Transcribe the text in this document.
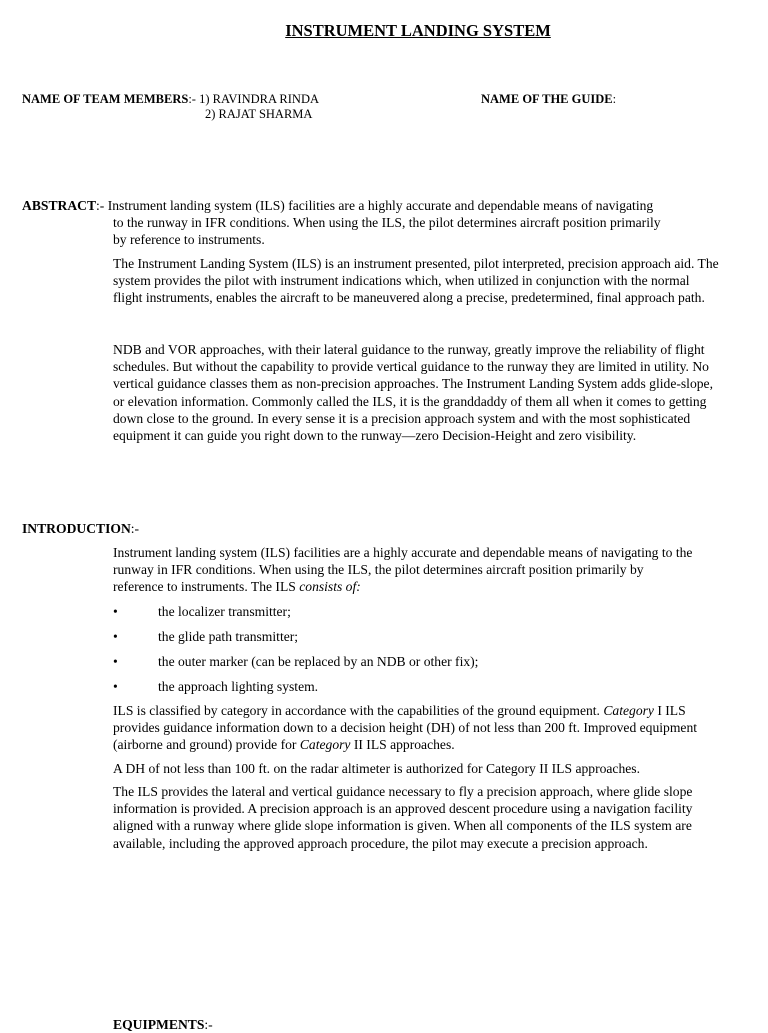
INSTRUMENT LANDING SYSTEM
NAME OF TEAM MEMBERS:- 1) RAVINDRA RINDA
2) RAJAT SHARMA
NAME OF THE GUIDE:
ABSTRACT:- Instrument landing system (ILS) facilities are a highly accurate and dependable means of navigating
to the runway in IFR conditions. When using the ILS, the pilot determines aircraft position primarily
by reference to instruments.
The Instrument Landing System (ILS) is an instrument presented, pilot interpreted, precision approach aid. The system provides the pilot with instrument indications which, when utilized in conjunction with the normal flight instruments, enables the aircraft to be maneuvered along a precise, predetermined, final approach path.
NDB and VOR approaches, with their lateral guidance to the runway, greatly improve the reliability of flight schedules. But without the capability to provide vertical guidance to the runway they are limited in utility. No vertical guidance classes them as non-precision approaches. The Instrument Landing System adds glide-slope, or elevation information. Commonly called the ILS, it is the granddaddy of them all when it comes to getting down close to the ground. In every sense it is a precision approach system and with the most sophisticated equipment it can guide you right down to the runway—zero Decision-Height and zero visibility.
INTRODUCTION:-
Instrument landing system (ILS) facilities are a highly accurate and dependable means of navigating to the runway in IFR conditions. When using the ILS, the pilot determines aircraft position primarily by reference to instruments. The ILS consists of:
•	the localizer transmitter;
•	the glide path transmitter;
•	the outer marker (can be replaced by an NDB or other fix);
•	the approach lighting system.
ILS is classified by category in accordance with the capabilities of the ground equipment. Category I ILS provides guidance information down to a decision height (DH) of not less than 200 ft. Improved equipment (airborne and ground) provide for Category II ILS approaches.
A DH of not less than 100 ft. on the radar altimeter is authorized for Category II ILS approaches.
The ILS provides the lateral and vertical guidance necessary to fly a precision approach, where glide slope information is provided. A precision approach is an approved descent procedure using a navigation facility aligned with a runway where glide slope information is given. When all components of the ILS system are available, including the approved approach procedure, the pilot may execute a precision approach.
EQUIPMENTS:-
